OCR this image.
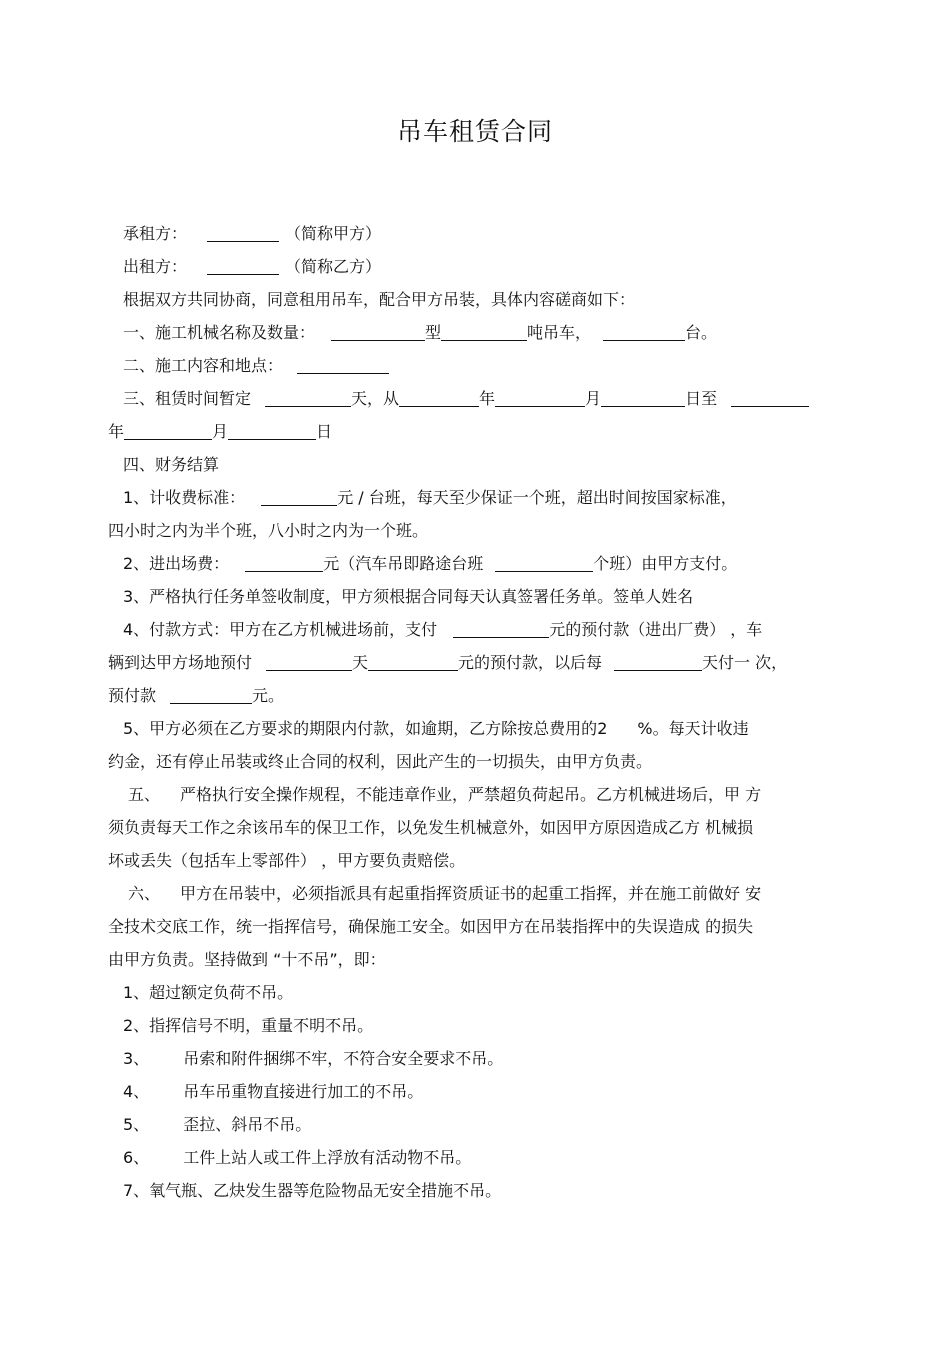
吊车租赁合同
承租方：	（简称甲方）
出租方：	（简称乙方）
根据双方共同协商，同意租用吊车，配合甲方吊装，具体内容磋商如下：
一、施工机械名称及数量：	型	吨吊车，	台。
二、施工内容和地点：
三、租赁时间暂定	天，从	年	月	日至
年	月	日
四、财务结算
1、计收费标准：	元 / 台班，每天至少保证一个班，超出时间按国家标准，
四小时之内为半个班，八小时之内为一个班。
2、进出场费：	元（汽车吊即路途台班	个班）由甲方支付。
3、严格执行任务单签收制度，甲方须根据合同每天认真签署任务单。签单人姓名
4、付款方式：甲方在乙方机械进场前，支付	元的预付款（进出厂费） ，车
辆到达甲方场地预付	天	元的预付款，以后每	天付一 次，
预付款	元。
5、甲方必须在乙方要求的期限内付款，如逾期，乙方除按总费用的2 %。每天计收违
约金，还有停止吊装或终止合同的权利，因此产生的一切损失，由甲方负责。
五、 严格执行安全操作规程，不能违章作业，严禁超负荷起吊。乙方机械进场后，甲 方
须负责每天工作之余该吊车的保卫工作，以免发生机械意外，如因甲方原因造成乙方 机械损
坏或丢失（包括车上零部件） ，甲方要负责赔偿。
六、 甲方在吊装中，必须指派具有起重指挥资质证书的起重工指挥，并在施工前做好 安
全技术交底工作，统一指挥信号，确保施工安全。如因甲方在吊装指挥中的失误造成 的损失
由甲方负责。坚持做到 “十不吊”，即：
1、超过额定负荷不吊。
2、指挥信号不明，重量不明不吊。
3、 吊索和附件捆绑不牢，不符合安全要求不吊。
4、 吊车吊重物直接进行加工的不吊。
5、 歪拉、斜吊不吊。
6、 工件上站人或工件上浮放有活动物不吊。
7、氧气瓶、乙炔发生器等危险物品无安全措施不吊。
